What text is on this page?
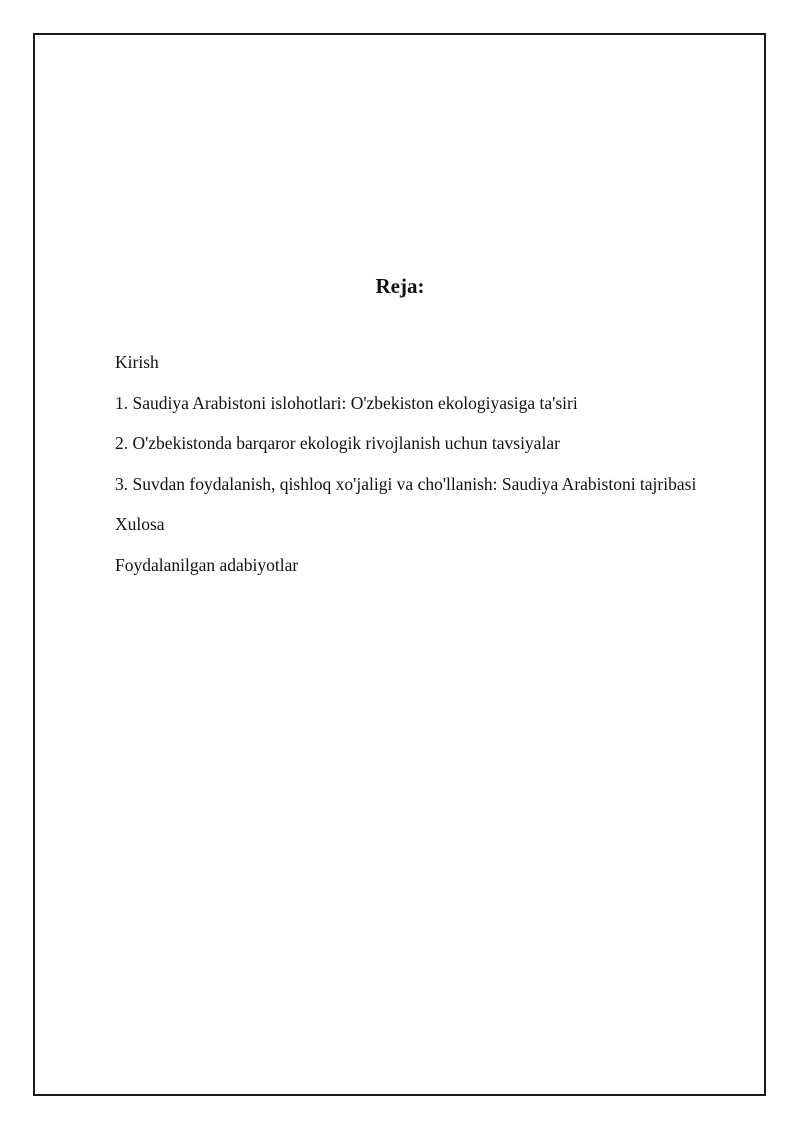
Reja:
Kirish
1. Saudiya Arabistoni islohotlari: O'zbekiston ekologiyasiga ta'siri
2. O'zbekistonda barqaror ekologik rivojlanish uchun tavsiyalar
3. Suvdan foydalanish, qishloq xo'jaligi va cho'llanish: Saudiya Arabistoni tajribasi
Xulosa
Foydalanilgan adabiyotlar
